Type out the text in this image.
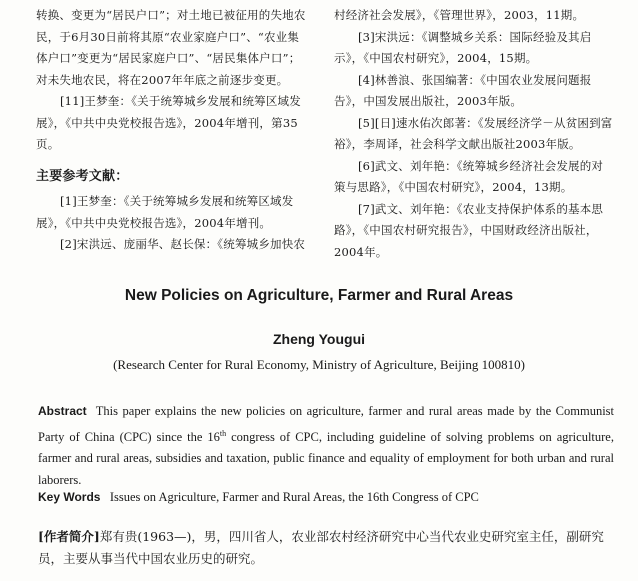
转换、变更为“居民户口”；对土地已被征用的失地农民，于6月30日前将其原“农业家庭户口”、“农业集体户口”变更为“居民家庭户口”、“居民集体户口”；对未失地农民，将在2007年年底之前逐步变更。

[11]王梦奎：《关于统筹城乡发展和统筹区域发展》，《中共中央党校报告选》，2004年增刊，第35页。

主要参考文献：

[1]王梦奎：《关于统筹城乡发展和统筹区域发展》，《中共中央党校报告选》，2004年增刊。

[2]宋洪远、庞丽华、赵长保：《统筹城乡加快农

村经济社会发展》，《管理世界》，2003，11期。

[3]宋洪远：《调整城乡关系：国际经验及其启示》，《中国农村研究》，2004，15期。

[4]林善浪、张国编著：《中国农业发展问题报告》，中国发展出版社，2003年版。

[5][日]速水佑次郎著：《发展经济学－从贫困到富裕》，李周译，社会科学文献出版社2003年版。

[6]武文、刘年艳：《统筹城乡经济社会发展的对策与思路》，《中国农村研究》，2004，13期。

[7]武文、刘年艳：《农业支持保护体系的基本思路》，《中国农村研究报告》，中国财政经济出版社，2004年。

New Policies on Agriculture, Farmer and Rural Areas
Zheng Yougui
(Research Center for Rural Economy, Ministry of Agriculture, Beijing 100810)
Abstract This paper explains the new policies on agriculture, farmer and rural areas made by the Communist Party of China (CPC) since the 16th congress of CPC, including guideline of solving problems on agriculture, farmer and rural areas, subsidies and taxation, public finance and equality of employment for both urban and rural laborers.
Key Words Issues on Agriculture, Farmer and Rural Areas, the 16th Congress of CPC
[作者简介]郑有贵(1963—)，男，四川省人，农业部农村经济研究中心当代农业史研究室主任，副研究员，主要从事当代中国农业历史的研究。
